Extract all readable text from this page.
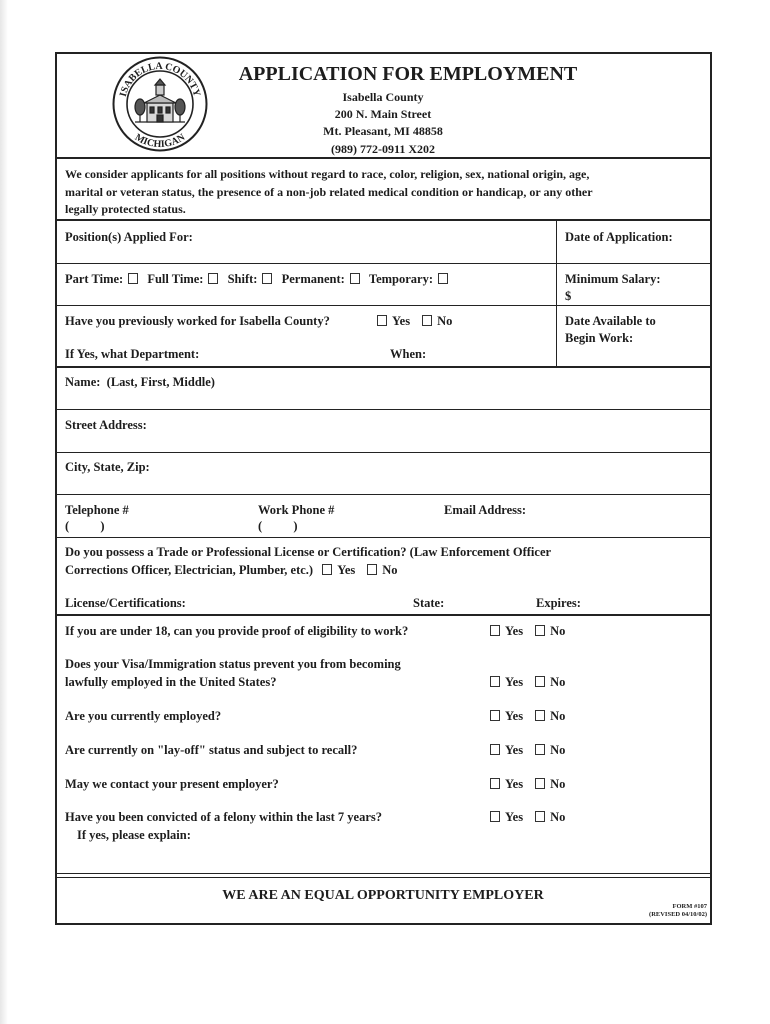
ISABELLA COUNTY
MICHIGAN
APPLICATION FOR EMPLOYMENT
Isabella County
200 N. Main Street
Mt. Pleasant, MI 48858
(989) 772-0911 X202
We consider applicants for all positions without regard to race, color, religion, sex, national origin, age,
marital or veteran status, the presence of a non-job related medical condition or handicap, or any other
legally protected status.
Position(s) Applied For:	Date of Application:
Part Time: Full Time: Shift: Permanent: Temporary:	Minimum Salary:
$
Have you previously worked for Isabella County?	Yes No
If Yes, what Department:	When:
Date Available to
Begin Work:
Name:  (Last, First, Middle)
Street Address:
City, State, Zip:
Telephone #
(          )
Work Phone #
(          )
Email Address:
Do you possess a Trade or Professional License or Certification? (Law Enforcement Officer
Corrections Officer, Electrician, Plumber, etc.) Yes No
License/Certifications:	State:	Expires:
If you are under 18, can you provide proof of eligibility to work?	Yes No
Does your Visa/Immigration status prevent you from becoming
lawfully employed in the United States?	Yes No
Are you currently employed?	Yes No
Are currently on "lay-off" status and subject to recall?	Yes No
May we contact your present employer?	Yes No
Have you been convicted of a felony within the last 7 years?	Yes No
If yes, please explain:
WE ARE AN EQUAL OPPORTUNITY EMPLOYER
FORM #107
(REVISED 04/10/02)
